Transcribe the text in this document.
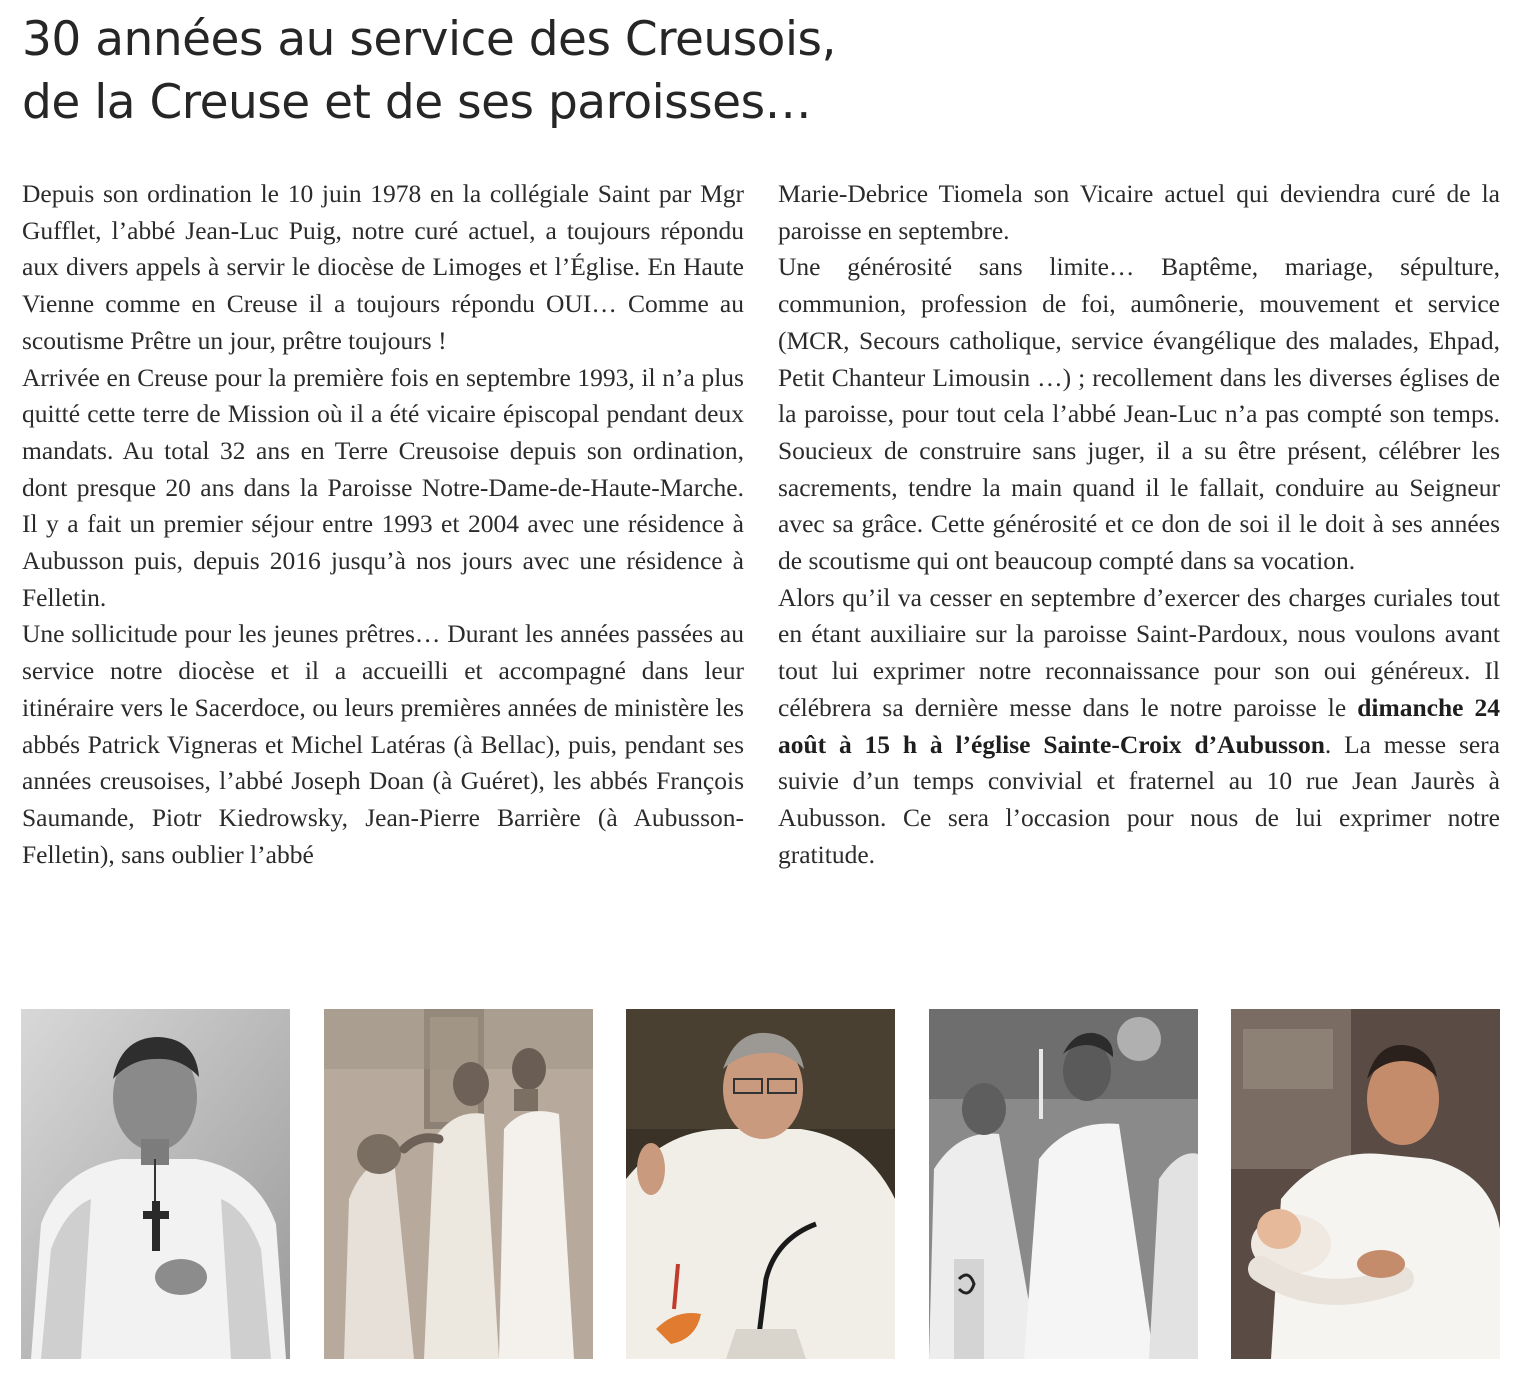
30 années au service des Creusois,
de la Creuse et de ses paroisses…

Depuis son ordination le 10 juin 1978 en la collégiale Saint par Mgr Gufflet, l’abbé Jean-Luc Puig, notre curé actuel, a toujours répondu aux divers appels à servir le diocèse de Limoges et l’Église. En Haute Vienne comme en Creuse il a toujours répondu OUI… Comme au scoutisme Prêtre un jour, prêtre toujours !

Arrivée en Creuse pour la première fois en septembre 1993, il n’a plus quitté cette terre de Mission où il a été vicaire épiscopal pendant deux mandats. Au total 32 ans en Terre Creusoise depuis son ordination, dont presque 20 ans dans la Paroisse Notre-Dame-de-Haute-Marche. Il y a fait un premier séjour entre 1993 et 2004 avec une résidence à Aubusson puis, depuis 2016 jusqu’à nos jours avec une résidence à Felletin.

Une sollicitude pour les jeunes prêtres… Durant les années passées au service notre diocèse et il a accueilli et accompagné dans leur itinéraire vers le Sacerdoce, ou leurs premières années de ministère les abbés Patrick Vigneras et Michel Latéras (à Bellac), puis, pendant ses années creusoises, l’abbé Joseph Doan (à Guéret), les abbés François Saumande, Piotr Kiedrowsky, Jean-Pierre Barrière (à Aubusson-Felletin), sans oublier l’abbé

Marie-Debrice Tiomela son Vicaire actuel qui deviendra curé de la paroisse en septembre.

Une générosité sans limite… Baptême, mariage, sépulture, communion, profession de foi, aumônerie, mouvement et service (MCR, Secours catholique, service évangélique des malades, Ehpad, Petit Chanteur Limousin …) ; recollement dans les diverses églises de la paroisse, pour tout cela l’abbé Jean-Luc n’a pas compté son temps. Soucieux de construire sans juger, il a su être présent, célébrer les sacrements, tendre la main quand il le fallait, conduire au Seigneur avec sa grâce. Cette générosité et ce don de soi il le doit à ses années de scoutisme qui ont beaucoup compté dans sa vocation.

Alors qu’il va cesser en septembre d’exercer des charges curiales tout en étant auxiliaire sur la paroisse Saint-Pardoux, nous voulons avant tout lui exprimer notre reconnaissance pour son oui généreux. Il célébrera sa dernière messe dans le notre paroisse le dimanche 24 août à 15 h à l’église Sainte-Croix d’Aubusson. La messe sera suivie d’un temps convivial et fraternel au 10 rue Jean Jaurès à Aubusson. Ce sera l’occasion pour nous de lui exprimer notre gratitude.
